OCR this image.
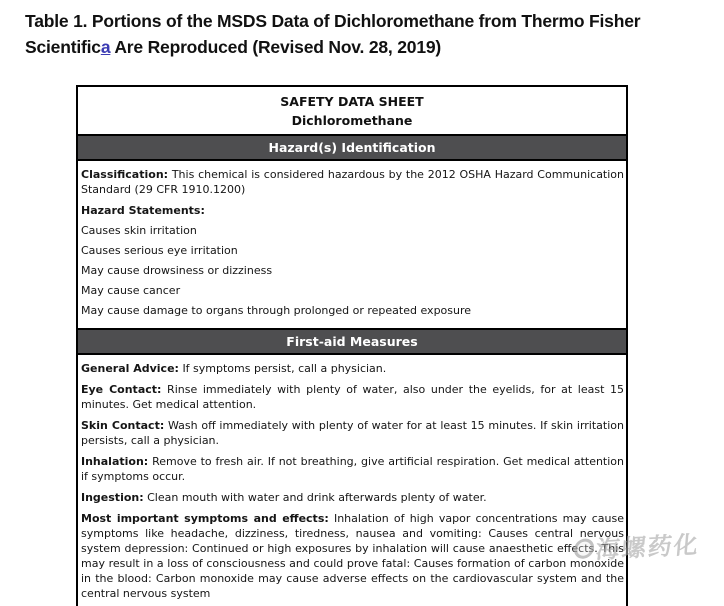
Table 1. Portions of the MSDS Data of Dichloromethane from Thermo Fisher Scientifica Are Reproduced (Revised Nov. 28, 2019)
SAFETY DATA SHEET
Dichloromethane
Hazard(s) Identification

Classification: This chemical is considered hazardous by the 2012 OSHA Hazard Communication Standard (29 CFR 1910.1200)

Hazard Statements:

Causes skin irritation

Causes serious eye irritation

May cause drowsiness or dizziness

May cause cancer

May cause damage to organs through prolonged or repeated exposure

First-aid Measures

General Advice: If symptoms persist, call a physician.

Eye Contact: Rinse immediately with plenty of water, also under the eyelids, for at least 15 minutes. Get medical attention.

Skin Contact: Wash off immediately with plenty of water for at least 15 minutes. If skin irritation persists, call a physician.

Inhalation: Remove to fresh air. If not breathing, give artificial respiration. Get medical attention if symptoms occur.

Ingestion: Clean mouth with water and drink afterwards plenty of water.

Most important symptoms and effects: Inhalation of high vapor concentrations may cause symptoms like headache, dizziness, tiredness, nausea and vomiting: Causes central nervous system depression: Continued or high exposures by inhalation will cause anaesthetic effects. This may result in a loss of consciousness and could prove fatal: Causes formation of carbon monoxide in the blood: Carbon monoxide may cause adverse effects on the cardiovascular system and the central nervous system

海螺药化
